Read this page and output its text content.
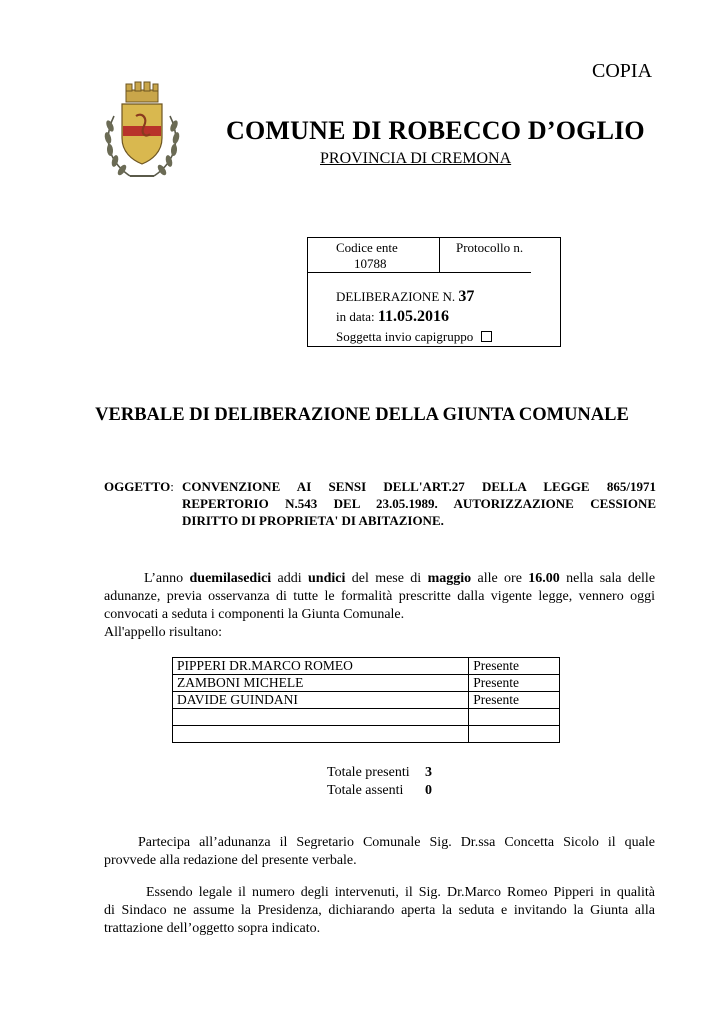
COPIA
COMUNE DI ROBECCO D’OGLIO
PROVINCIA DI CREMONA
Codice ente
10788
Protocollo n.
DELIBERAZIONE N. 37
in data: 11.05.2016
Soggetta invio capigruppo
VERBALE DI DELIBERAZIONE DELLA GIUNTA COMUNALE
OGGETTO: CONVENZIONE AI SENSI DELL'ART.27 DELLA LEGGE 865/1971
REPERTORIO N.543 DEL 23.05.1989. AUTORIZZAZIONE CESSIONE
DIRITTO DI PROPRIETA' DI ABITAZIONE.
L’anno duemilasedici addi undici del mese di maggio alle ore 16.00 nella sala delle
adunanze, previa osservanza di tutte le formalità prescritte dalla vigente legge, vennero oggi
convocati a seduta i componenti la Giunta Comunale.
All'appello risultano:
PIPPERI DR.MARCO ROMEO	Presente
ZAMBONI MICHELE	Presente
DAVIDE GUINDANI	Presente

Totale presenti 3
Totale assenti 0
Partecipa all’adunanza il Segretario Comunale Sig. Dr.ssa Concetta Sicolo il quale
provvede alla redazione del presente verbale.
Essendo legale il numero degli intervenuti, il Sig. Dr.Marco Romeo Pipperi in qualità
di Sindaco ne assume la Presidenza, dichiarando aperta la seduta e invitando la Giunta alla
trattazione dell’oggetto sopra indicato.
